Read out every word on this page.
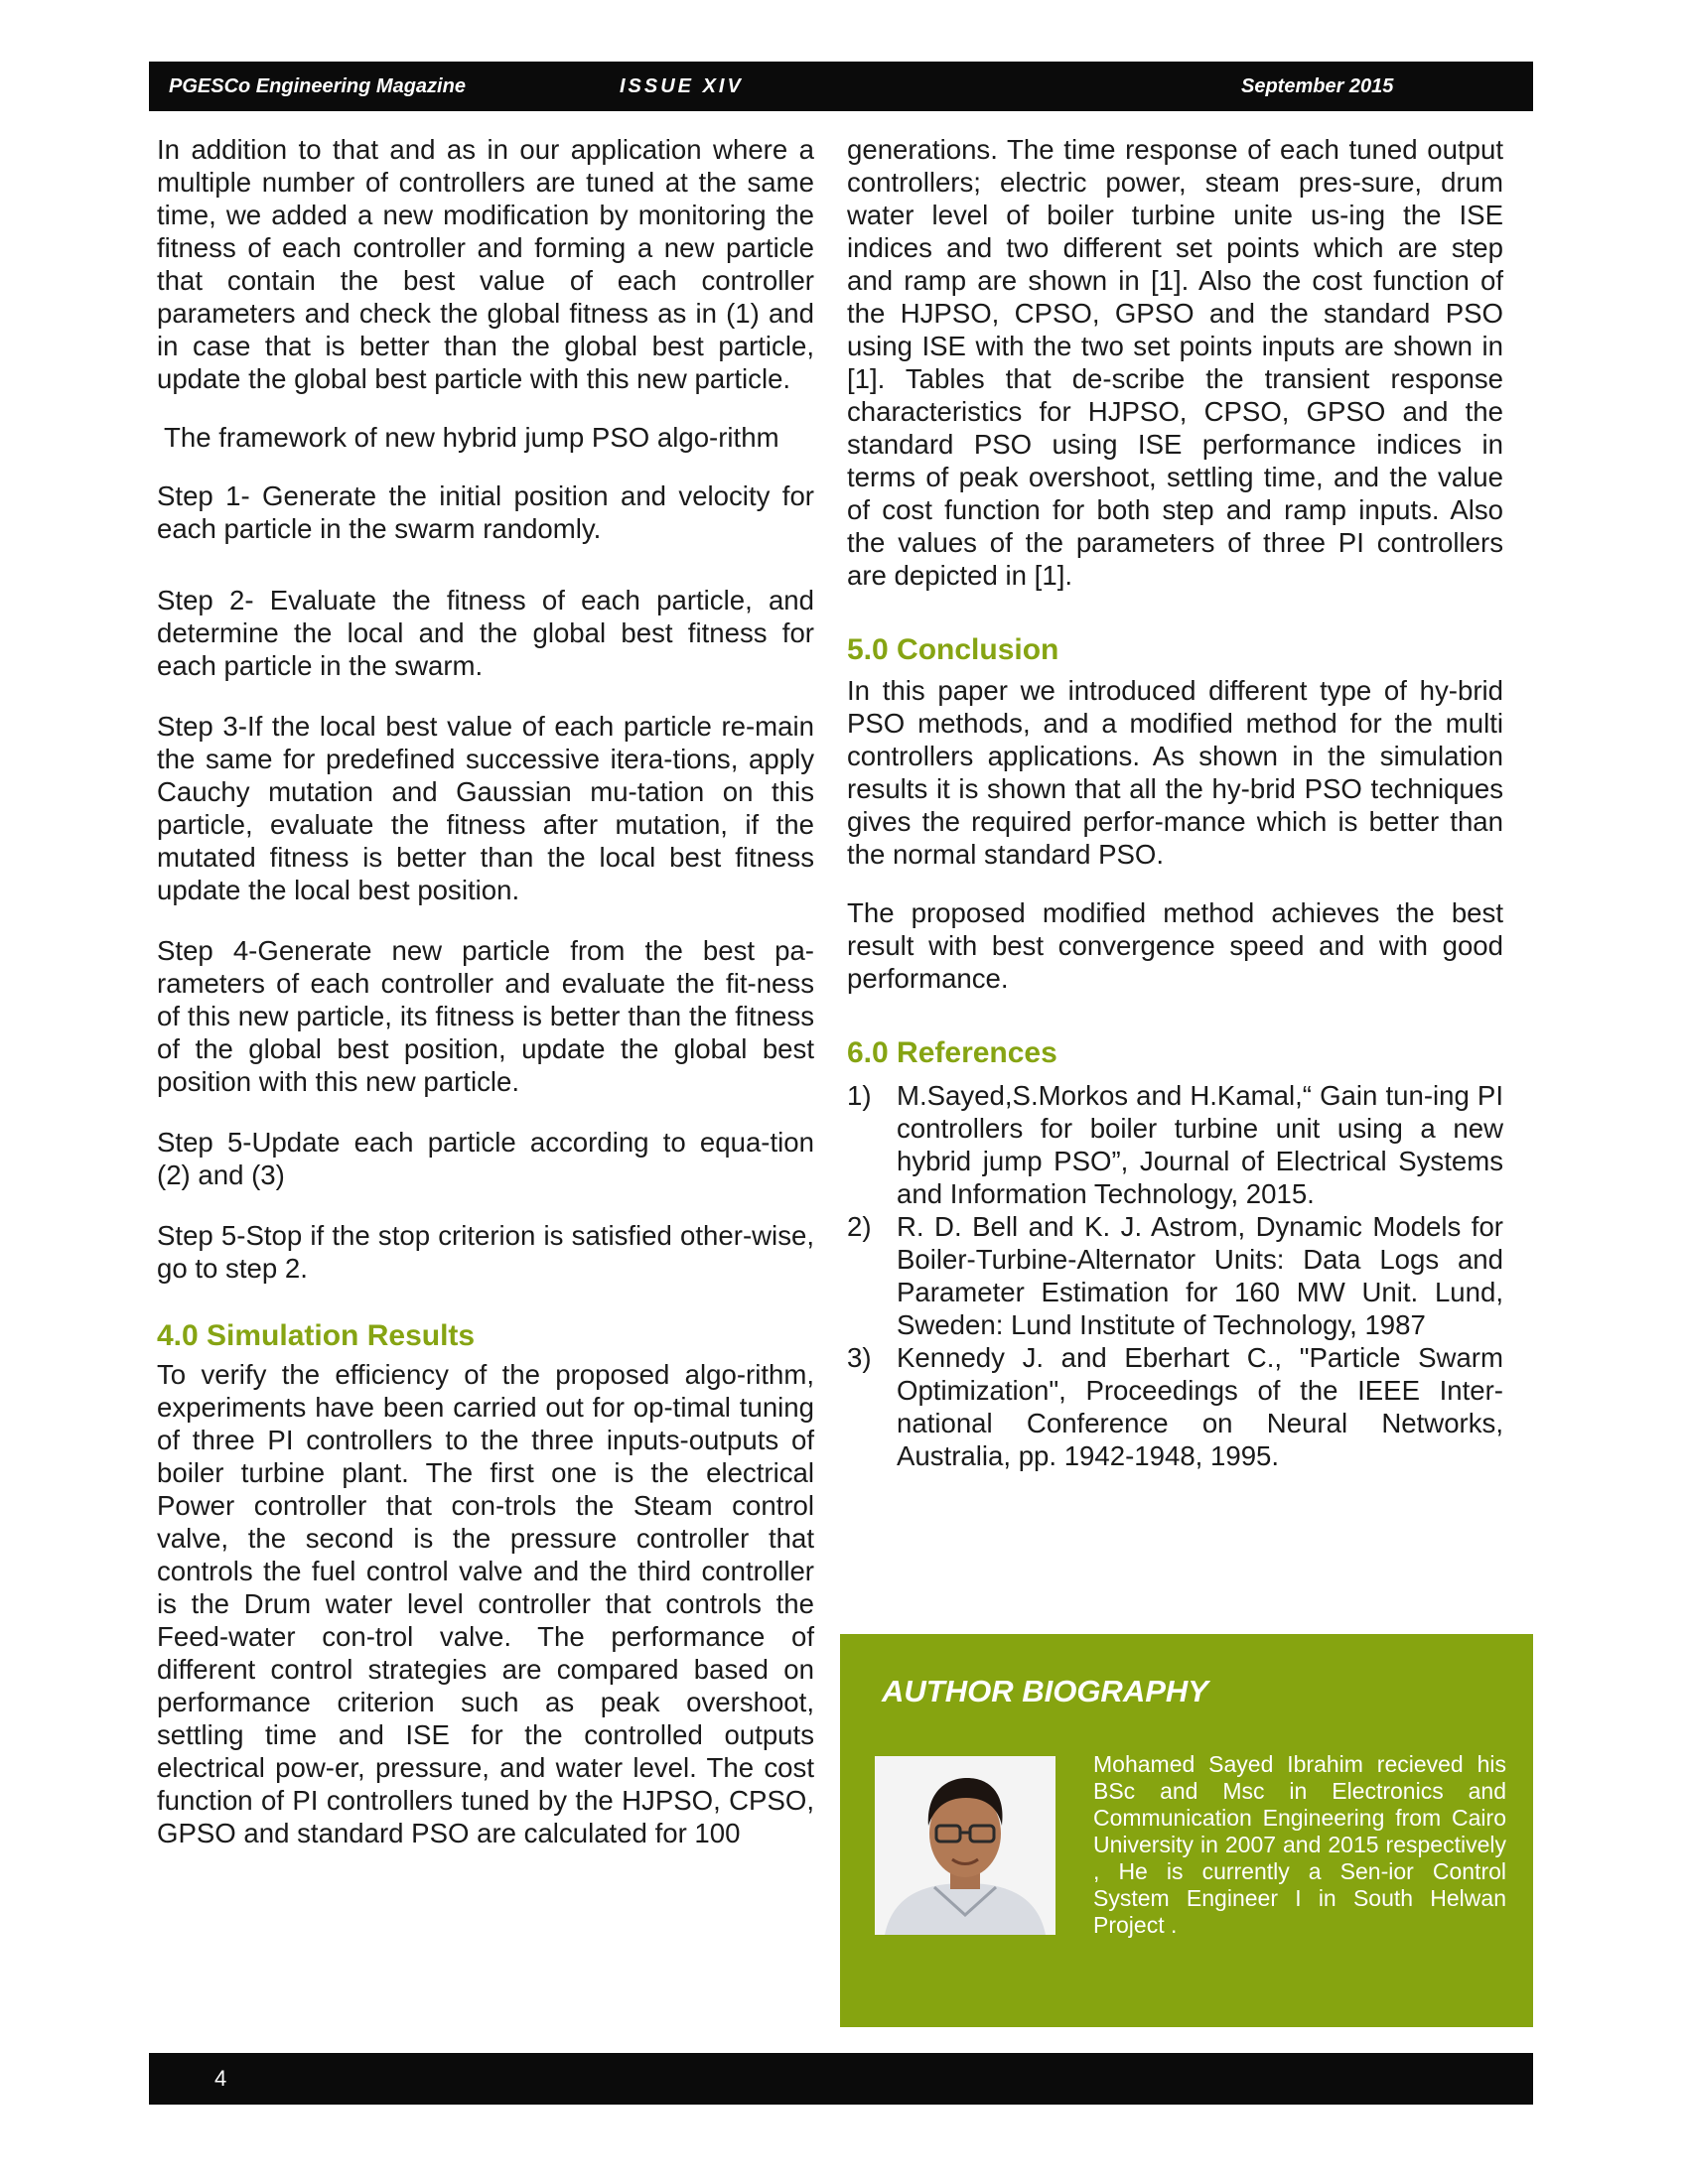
PGESCo Engineering Magazine	ISSUE XIV	September 2015

In addition to that and as in our application where a multiple number of controllers are tuned at the same time, we added a new modification by monitoring the fitness of each controller and forming a new particle that contain the best value of each controller parameters and check the global fitness as in (1) and in case that is better than the global best particle, update the global best particle with this new particle.

The framework of new hybrid jump PSO algo-rithm

Step 1- Generate the initial position and velocity for each particle in the swarm randomly.

Step 2- Evaluate the fitness of each particle, and determine the local and the global best fitness for each particle in the swarm.

Step 3-If the local best value of each particle re-main the same for predefined successive itera-tions, apply Cauchy mutation and Gaussian mu-tation on this particle, evaluate the fitness after mutation, if the mutated fitness is better than the local best fitness update the local best position.

Step 4-Generate new particle from the best pa-rameters of each controller and evaluate the fit-ness of this new particle, its fitness is better than the fitness of the global best position, update the global best position with this new particle.

Step 5-Update each particle according to equa-tion (2) and (3)

Step 5-Stop if the stop criterion is satisfied other-wise, go to step 2.

4.0 Simulation Results

To verify the efficiency of the proposed algo-rithm, experiments have been carried out for op-timal tuning of three PI controllers to the three inputs-outputs of boiler turbine plant. The first one is the electrical Power controller that con-trols the Steam control valve, the second is the pressure controller that controls the fuel control valve and the third controller is the Drum water level controller that controls the Feed-water con-trol valve. The performance of different control strategies are compared based on performance criterion such as peak overshoot, settling time and ISE for the controlled outputs electrical pow-er, pressure, and water level. The cost function of PI controllers tuned by the HJPSO, CPSO, GPSO and standard PSO are calculated for 100

generations. The time response of each tuned output controllers; electric power, steam pres-sure, drum water level of boiler turbine unite us-ing the ISE indices and two different set points which are step and ramp are shown in [1]. Also the cost function of the HJPSO, CPSO, GPSO and the standard PSO using ISE with the two set points inputs are shown in [1]. Tables that de-scribe the transient response characteristics for HJPSO, CPSO, GPSO and the standard PSO using ISE performance indices in terms of peak overshoot, settling time, and the value of cost function for both step and ramp inputs. Also the values of the parameters of three PI controllers are depicted in [1].

5.0 Conclusion

In this paper we introduced different type of hy-brid PSO methods, and a modified method for the multi controllers applications. As shown in the simulation results it is shown that all the hy-brid PSO techniques gives the required perfor-mance which is better than the normal standard PSO.

The proposed modified method achieves the best result with best convergence speed and with good performance.

6.0 References
1) M.Sayed,S.Morkos and H.Kamal,“ Gain tun-ing PI controllers for boiler turbine unit using a new hybrid jump PSO”, Journal of Electrical Systems and Information Technology, 2015.
2) R. D. Bell and K. J. Astrom, Dynamic Models for Boiler-Turbine-Alternator Units: Data Logs and Parameter Estimation for 160 MW Unit. Lund, Sweden: Lund Institute of Technology, 1987
3) Kennedy J. and Eberhart C., "Particle Swarm Optimization", Proceedings of the IEEE Inter-national Conference on Neural Networks, Australia, pp. 1942-1948, 1995.
AUTHOR BIOGRAPHY
Mohamed Sayed Ibrahim recieved his BSc and Msc in Electronics and Communication Engineering from Cairo University in 2007 and 2015 respectively , He is currently a Sen-ior Control System Engineer I in South Helwan Project .
4
